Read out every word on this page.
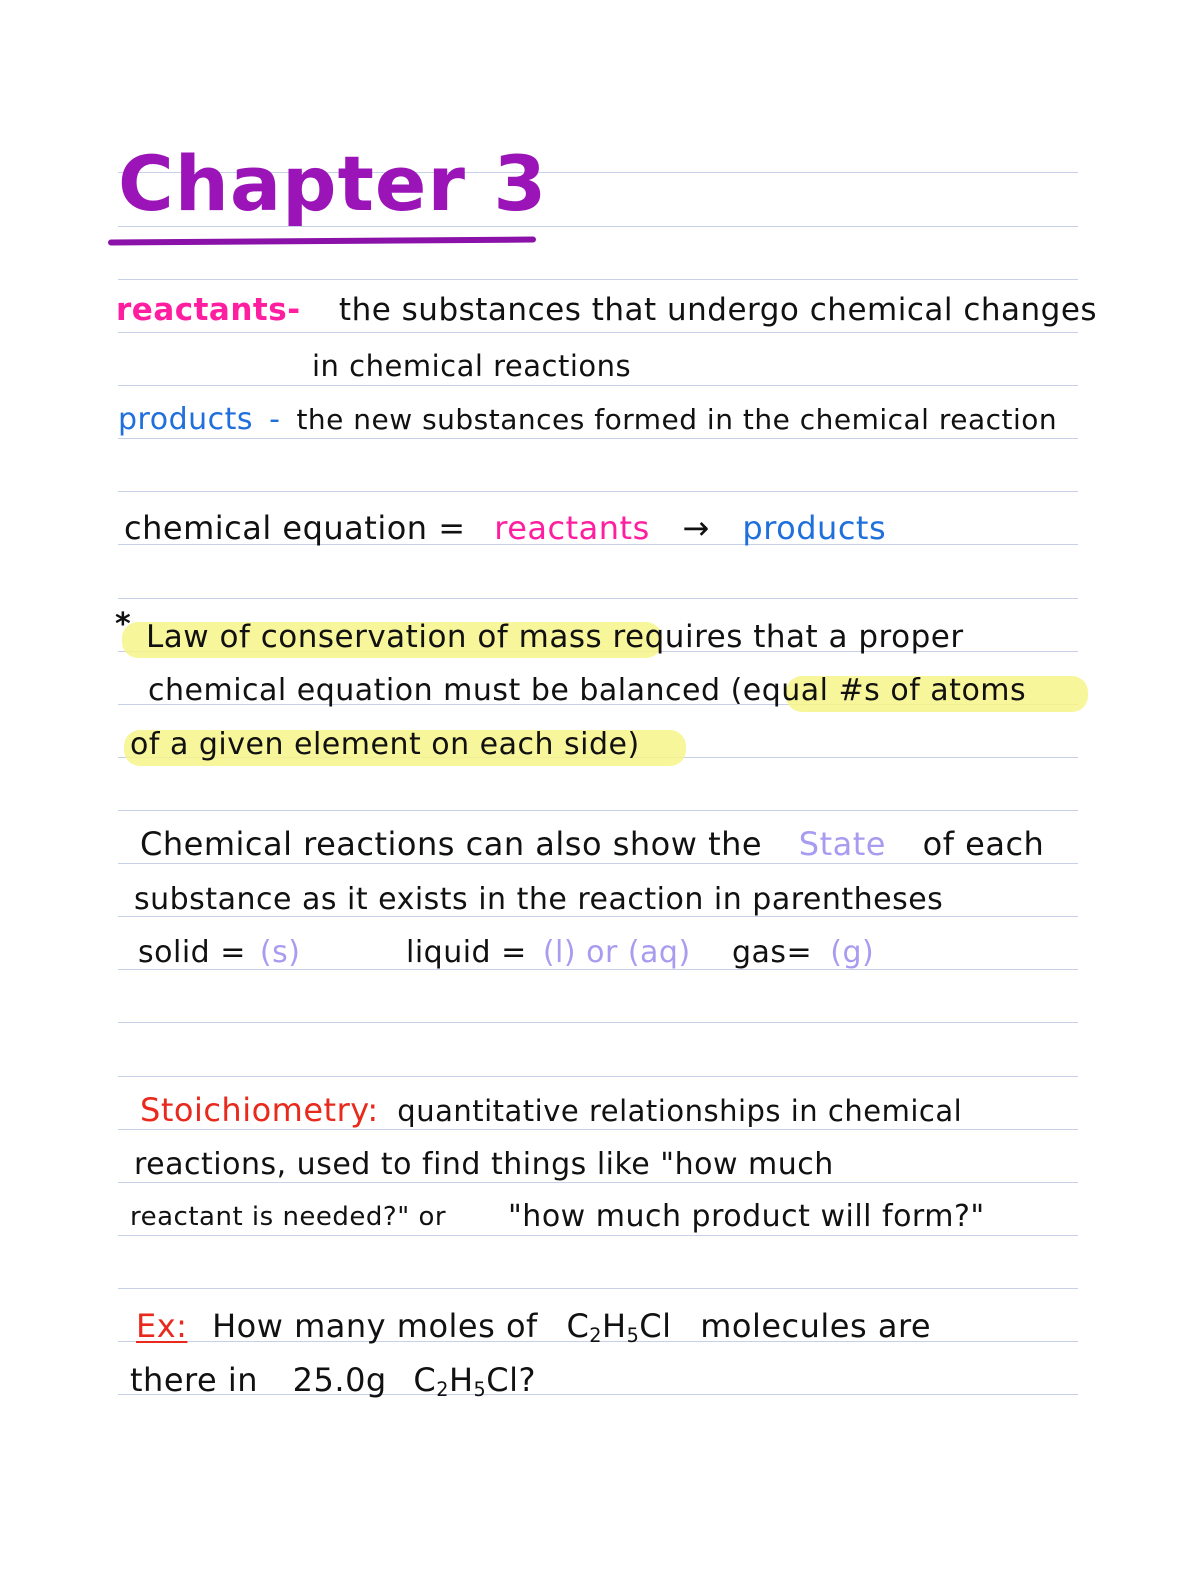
Chapter 3
reactants- the substances that undergo chemical changes
in chemical reactions
products - the new substances formed in the chemical reaction
chemical equation = reactants → products
* Law of conservation of mass requires that a proper
chemical equation must be balanced (equal #s of atoms
of a given element on each side)
Chemical reactions can also show the State of each
substance as it exists in the reaction in parentheses
solid = (s)	liquid = (l) or (aq) gas= (g)
Stoichiometry: quantitative relationships in chemical
reactions, used to find things like "how much
reactant is needed?" or "how much product will form?"
Ex: How many moles of $C_2H_5Cl$ molecules are
there in 25.0g $C_2H_5Cl$?
